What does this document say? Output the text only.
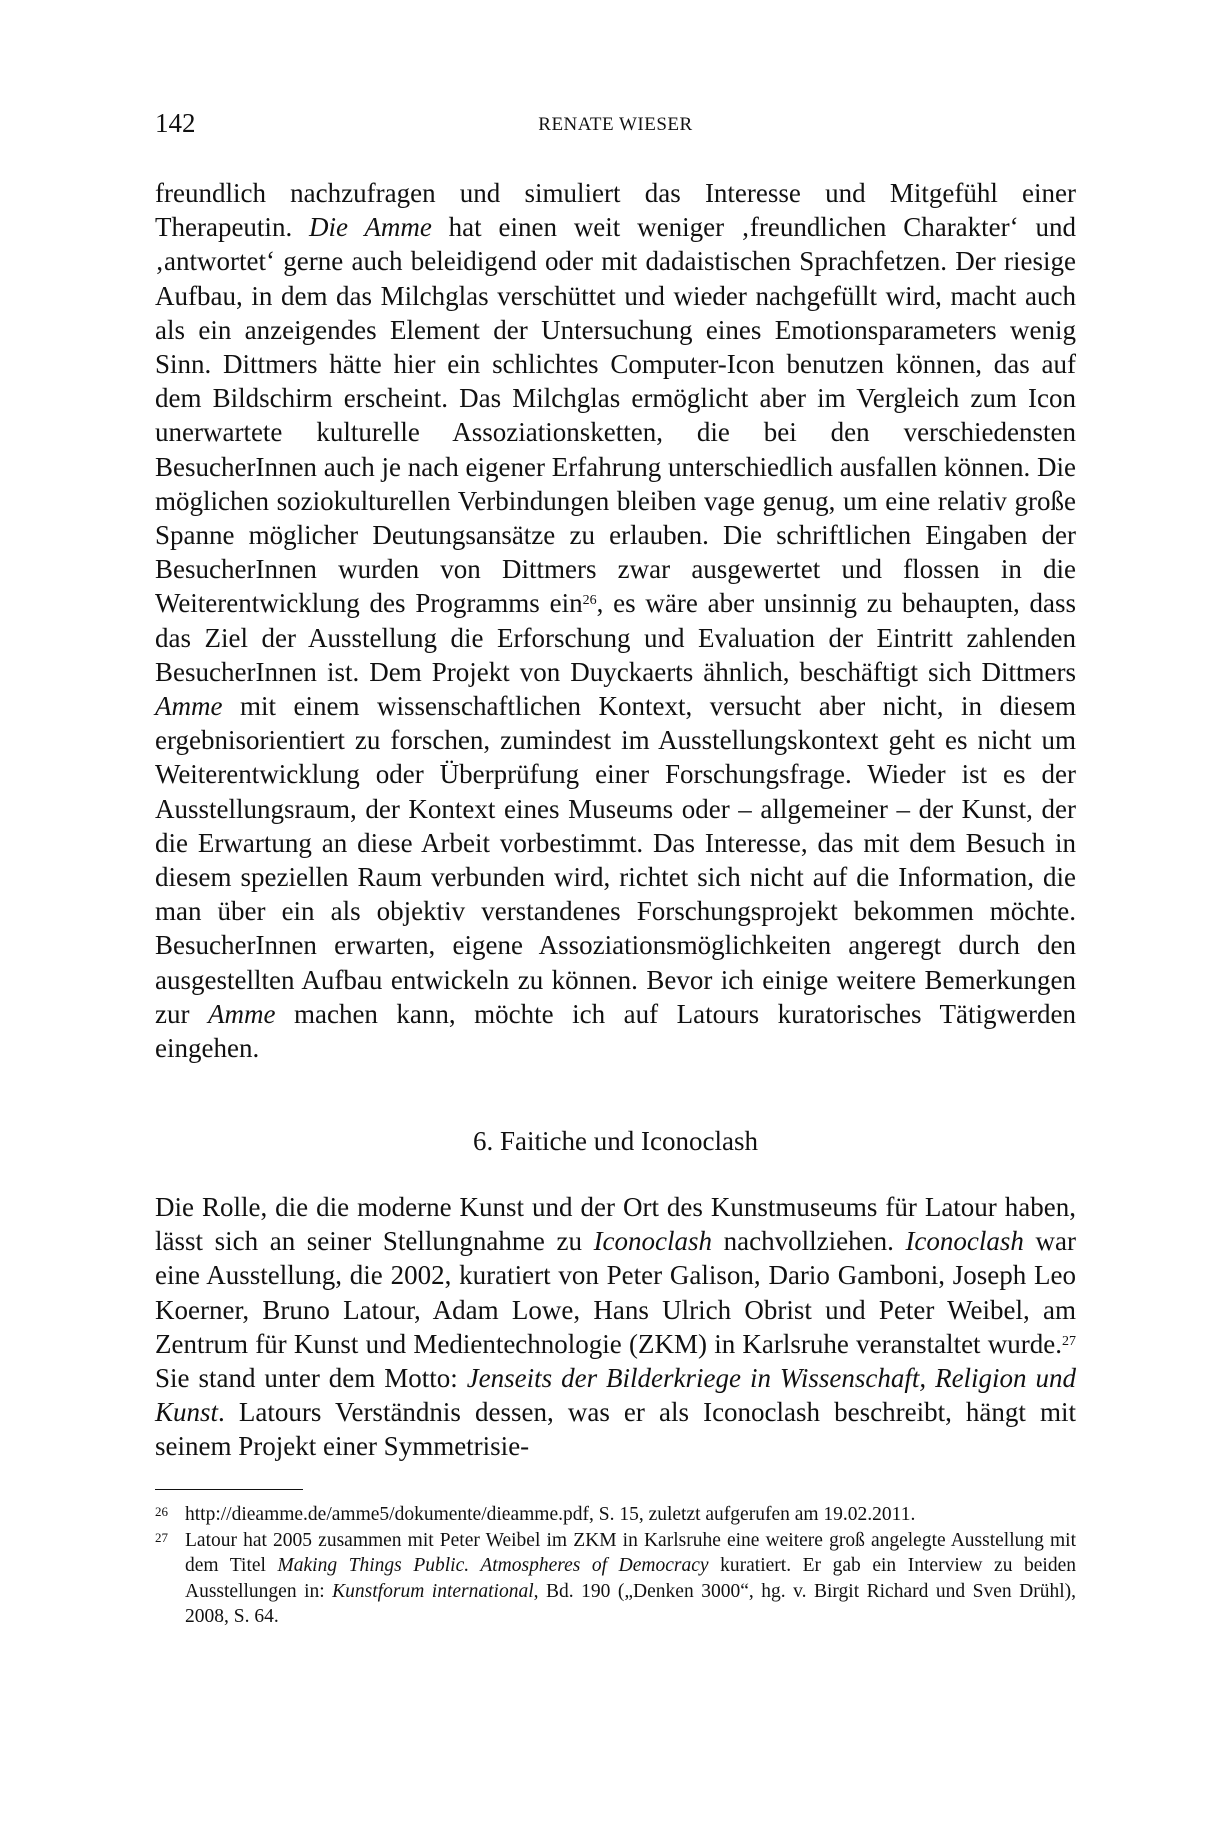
142	RENATE WIESER

freundlich nachzufragen und simuliert das Interesse und Mitgefühl einer Therapeutin. Die Amme hat einen weit weniger ‚freundlichen Charakter‘ und ‚antwortet‘ gerne auch beleidigend oder mit dadaistischen Sprachfetzen. Der riesige Aufbau, in dem das Milchglas verschüttet und wieder nachgefüllt wird, macht auch als ein anzeigendes Element der Untersuchung eines Emotionsparameters wenig Sinn. Dittmers hätte hier ein schlichtes Computer-Icon benutzen können, das auf dem Bildschirm erscheint. Das Milchglas ermöglicht aber im Vergleich zum Icon unerwartete kulturelle Assoziationsketten, die bei den verschiedensten BesucherInnen auch je nach eigener Erfahrung unterschiedlich ausfallen können. Die möglichen soziokulturellen Verbindungen bleiben vage genug, um eine relativ große Spanne möglicher Deutungsansätze zu erlauben. Die schriftlichen Eingaben der BesucherInnen wurden von Dittmers zwar ausgewertet und flossen in die Weiterentwicklung des Programms ein$^{26}$, es wäre aber unsinnig zu behaupten, dass das Ziel der Ausstellung die Erforschung und Evaluation der Eintritt zahlenden BesucherInnen ist. Dem Projekt von Duyckaerts ähnlich, beschäftigt sich Dittmers Amme mit einem wissenschaftlichen Kontext, versucht aber nicht, in diesem ergebnisorientiert zu forschen, zumindest im Ausstellungskontext geht es nicht um Weiterentwicklung oder Überprüfung einer Forschungsfrage. Wieder ist es der Ausstellungsraum, der Kontext eines Museums oder – allgemeiner – der Kunst, der die Erwartung an diese Arbeit vorbestimmt. Das Interesse, das mit dem Besuch in diesem speziellen Raum verbunden wird, richtet sich nicht auf die Information, die man über ein als objektiv verstandenes Forschungsprojekt bekommen möchte. BesucherInnen erwarten, eigene Assoziationsmöglichkeiten angeregt durch den ausgestellten Aufbau entwickeln zu können. Bevor ich einige weitere Bemerkungen zur Amme machen kann, möchte ich auf Latours kuratorisches Tätigwerden eingehen.

6. Faitiche und Iconoclash

Die Rolle, die die moderne Kunst und der Ort des Kunstmuseums für Latour haben, lässt sich an seiner Stellungnahme zu Iconoclash nachvollziehen. Iconoclash war eine Ausstellung, die 2002, kuratiert von Peter Galison, Dario Gamboni, Joseph Leo Koerner, Bruno Latour, Adam Lowe, Hans Ulrich Obrist und Peter Weibel, am Zentrum für Kunst und Medientechnologie (ZKM) in Karlsruhe veranstaltet wurde.$^{27}$ Sie stand unter dem Motto: Jenseits der Bilderkriege in Wissenschaft, Religion und Kunst. Latours Verständnis dessen, was er als Iconoclash beschreibt, hängt mit seinem Projekt einer Symmetrisie-

26 http://dieamme.de/amme5/dokumente/dieamme.pdf, S. 15, zuletzt aufgerufen am 19.02.2011.

27 Latour hat 2005 zusammen mit Peter Weibel im ZKM in Karlsruhe eine weitere groß angelegte Ausstellung mit dem Titel Making Things Public. Atmospheres of Democracy kuratiert. Er gab ein Interview zu beiden Ausstellungen in: Kunstforum international, Bd. 190 („Denken 3000“, hg. v. Birgit Richard und Sven Drühl), 2008, S. 64.
